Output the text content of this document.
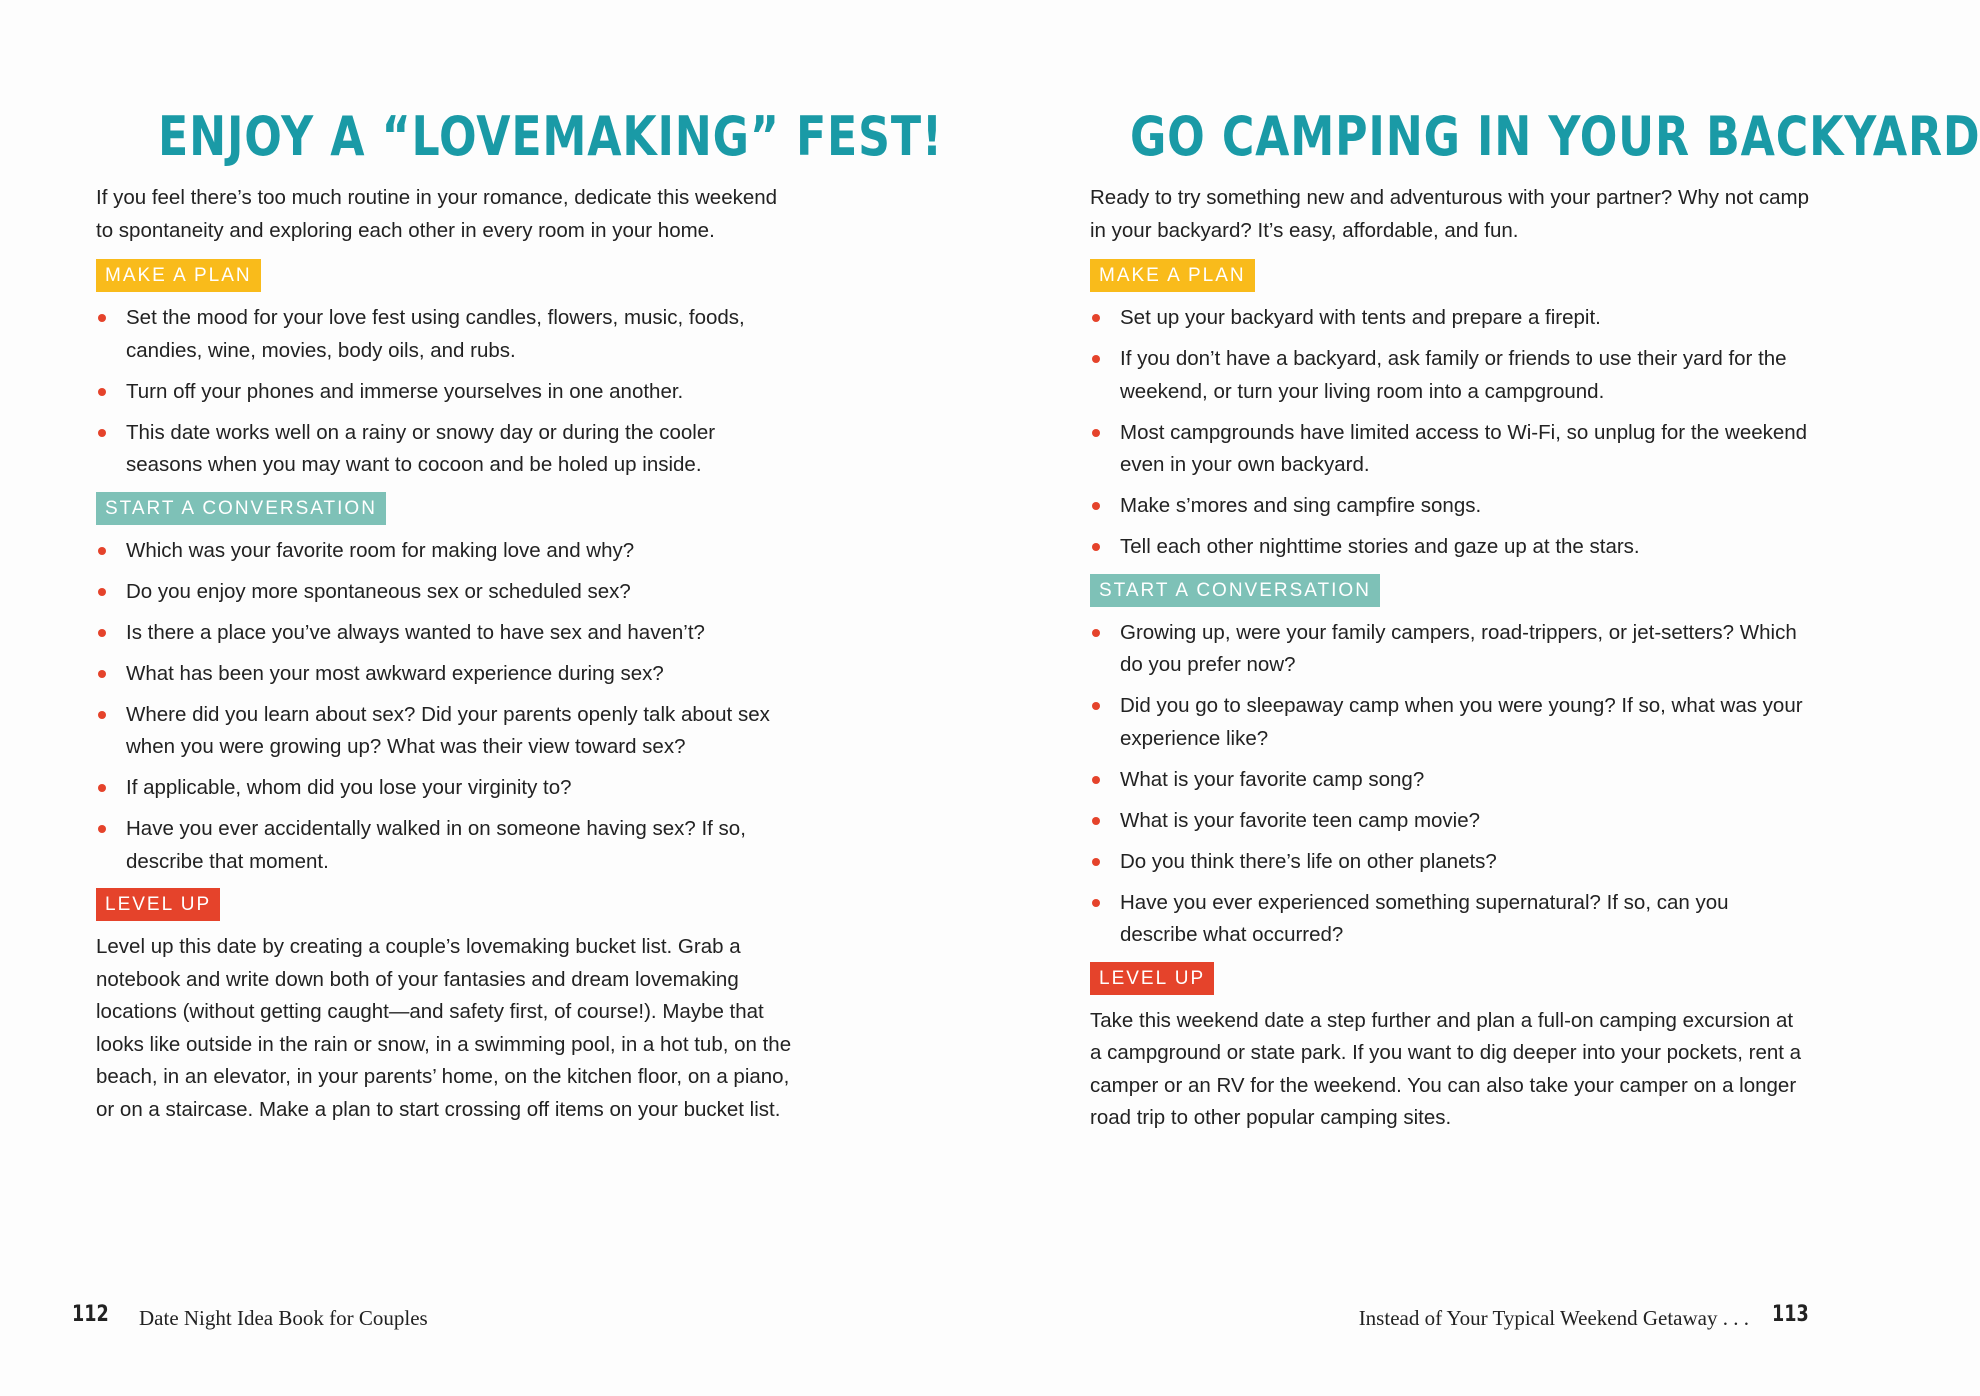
ENJOY A “LOVEMAKING” FEST!

If you feel there’s too much routine in your romance, dedicate this weekend to spontaneity and exploring each other in every room in your home.

MAKE A PLAN
Set the mood for your love fest using candles, flowers, music, foods, candies, wine, movies, body oils, and rubs.
Turn off your phones and immerse yourselves in one another.
This date works well on a rainy or snowy day or during the cooler seasons when you may want to cocoon and be holed up inside.
START A CONVERSATION
Which was your favorite room for making love and why?
Do you enjoy more spontaneous sex or scheduled sex?
Is there a place you’ve always wanted to have sex and haven’t?
What has been your most awkward experience during sex?
Where did you learn about sex? Did your parents openly talk about sex when you were growing up? What was their view toward sex?
If applicable, whom did you lose your virginity to?
Have you ever accidentally walked in on someone having sex? If so, describe that moment.
LEVEL UP

Level up this date by creating a couple’s lovemaking bucket list. Grab a notebook and write down both of your fantasies and dream lovemaking locations (without getting caught—and safety first, of course!). Maybe that looks like outside in the rain or snow, in a swimming pool, in a hot tub, on the beach, in an elevator, in your parents’ home, on the kitchen floor, on a piano, or on a staircase. Make a plan to start crossing off items on your bucket list.

112 Date Night Idea Book for Couples
GO CAMPING IN YOUR BACKYARD

Ready to try something new and adventurous with your partner? Why not camp in your backyard? It’s easy, affordable, and fun.

MAKE A PLAN
Set up your backyard with tents and prepare a firepit.
If you don’t have a backyard, ask family or friends to use their yard for the weekend, or turn your living room into a campground.
Most campgrounds have limited access to Wi-Fi, so unplug for the weekend even in your own backyard.
Make s’mores and sing campfire songs.
Tell each other nighttime stories and gaze up at the stars.
START A CONVERSATION
Growing up, were your family campers, road-trippers, or jet-setters? Which do you prefer now?
Did you go to sleepaway camp when you were young? If so, what was your experience like?
What is your favorite camp song?
What is your favorite teen camp movie?
Do you think there’s life on other planets?
Have you ever experienced something supernatural? If so, can you describe what occurred?
LEVEL UP

Take this weekend date a step further and plan a full-on camping excursion at a campground or state park. If you want to dig deeper into your pockets, rent a camper or an RV for the weekend. You can also take your camper on a longer road trip to other popular camping sites.

Instead of Your Typical Weekend Getaway . . . 113
